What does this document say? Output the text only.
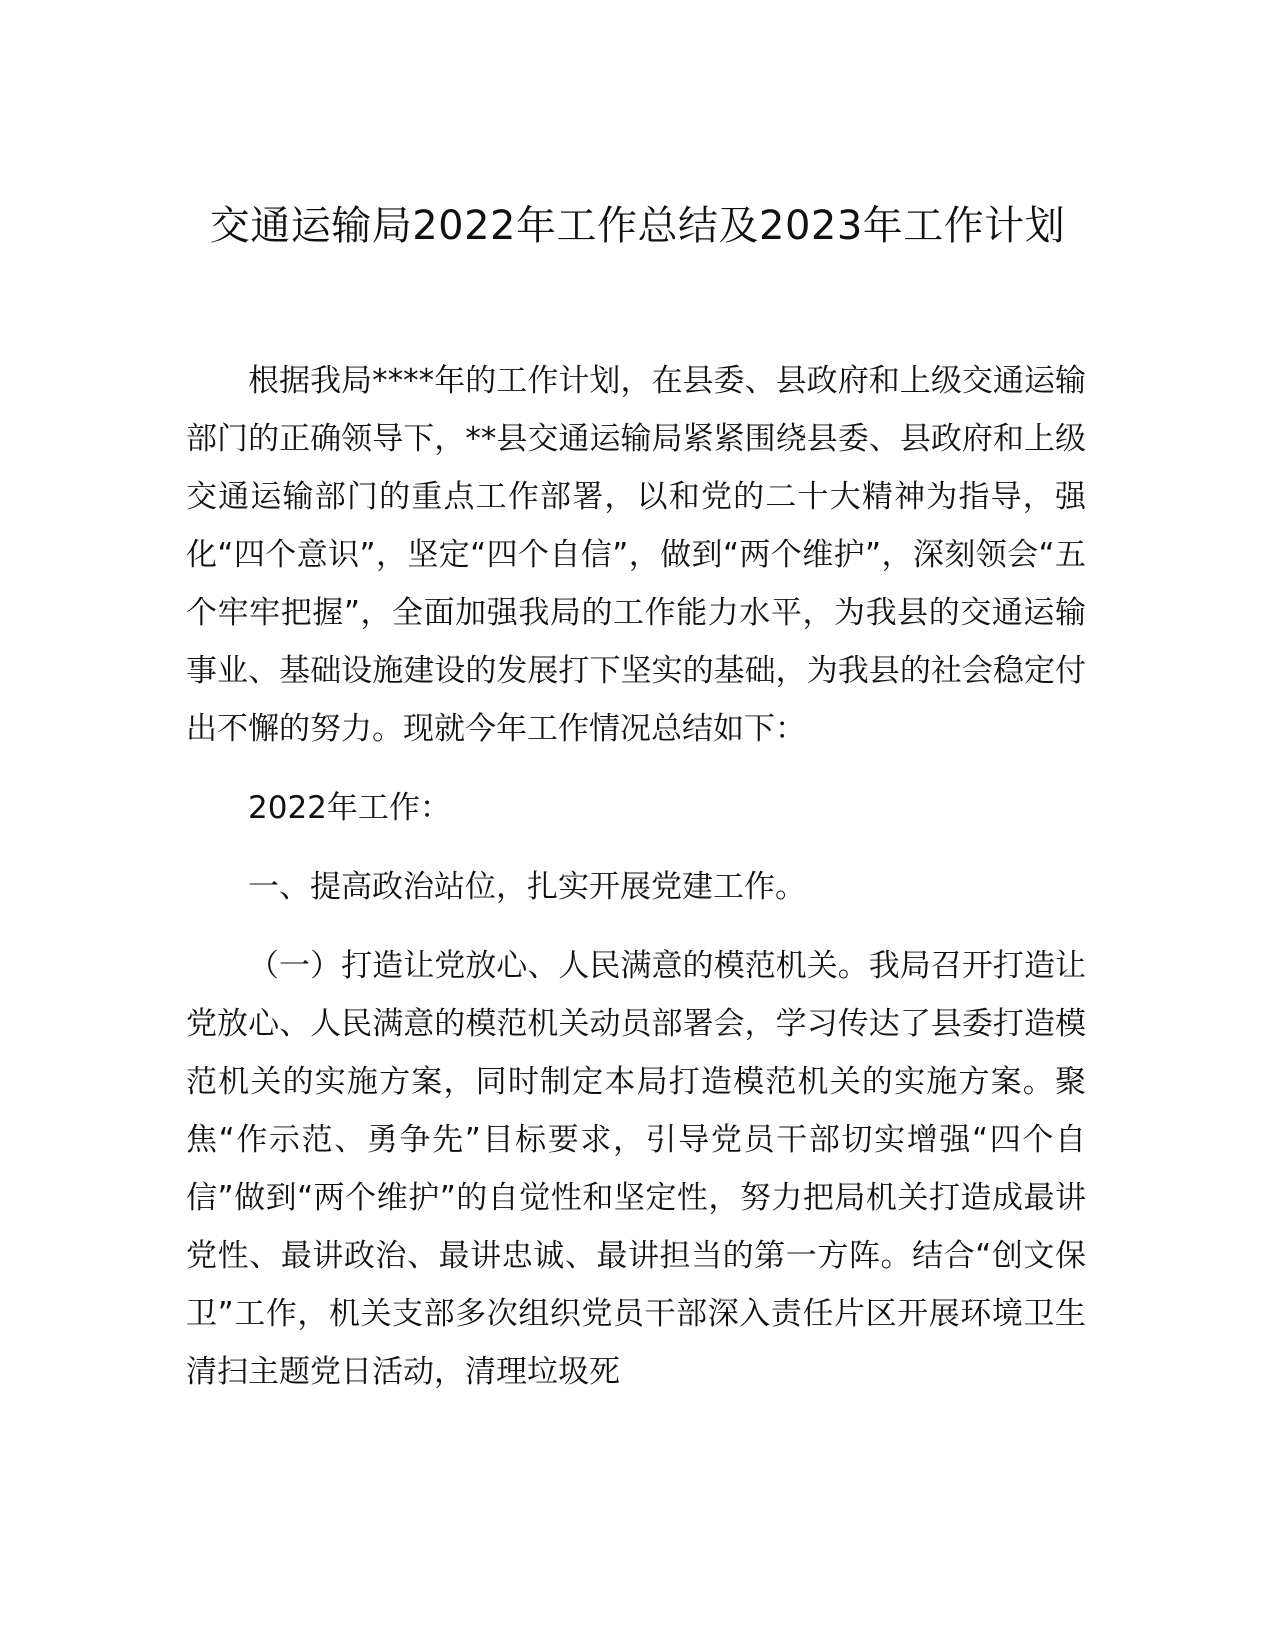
交通运输局2022年工作总结及2023年工作计划

根据我局****年的工作计划，在县委、县政府和上级交通运输部门的正确领导下，**县交通运输局紧紧围绕县委、县政府和上级交通运输部门的重点工作部署，以和党的二十大精神为指导，强化“四个意识”，坚定“四个自信”，做到“两个维护”，深刻领会“五个牢牢把握”，全面加强我局的工作能力水平，为我县的交通运输事业、基础设施建设的发展打下坚实的基础，为我县的社会稳定付出不懈的努力。现就今年工作情况总结如下：

2022年工作：

一、提高政治站位，扎实开展党建工作。

（一）打造让党放心、人民满意的模范机关。我局召开打造让党放心、人民满意的模范机关动员部署会，学习传达了县委打造模范机关的实施方案，同时制定本局打造模范机关的实施方案。聚焦“作示范、勇争先”目标要求，引导党员干部切实增强“四个自信”做到“两个维护”的自觉性和坚定性，努力把局机关打造成最讲党性、最讲政治、最讲忠诚、最讲担当的第一方阵。结合“创文保卫”工作，机关支部多次组织党员干部深入责任片区开展环境卫生清扫主题党日活动，清理垃圾死
